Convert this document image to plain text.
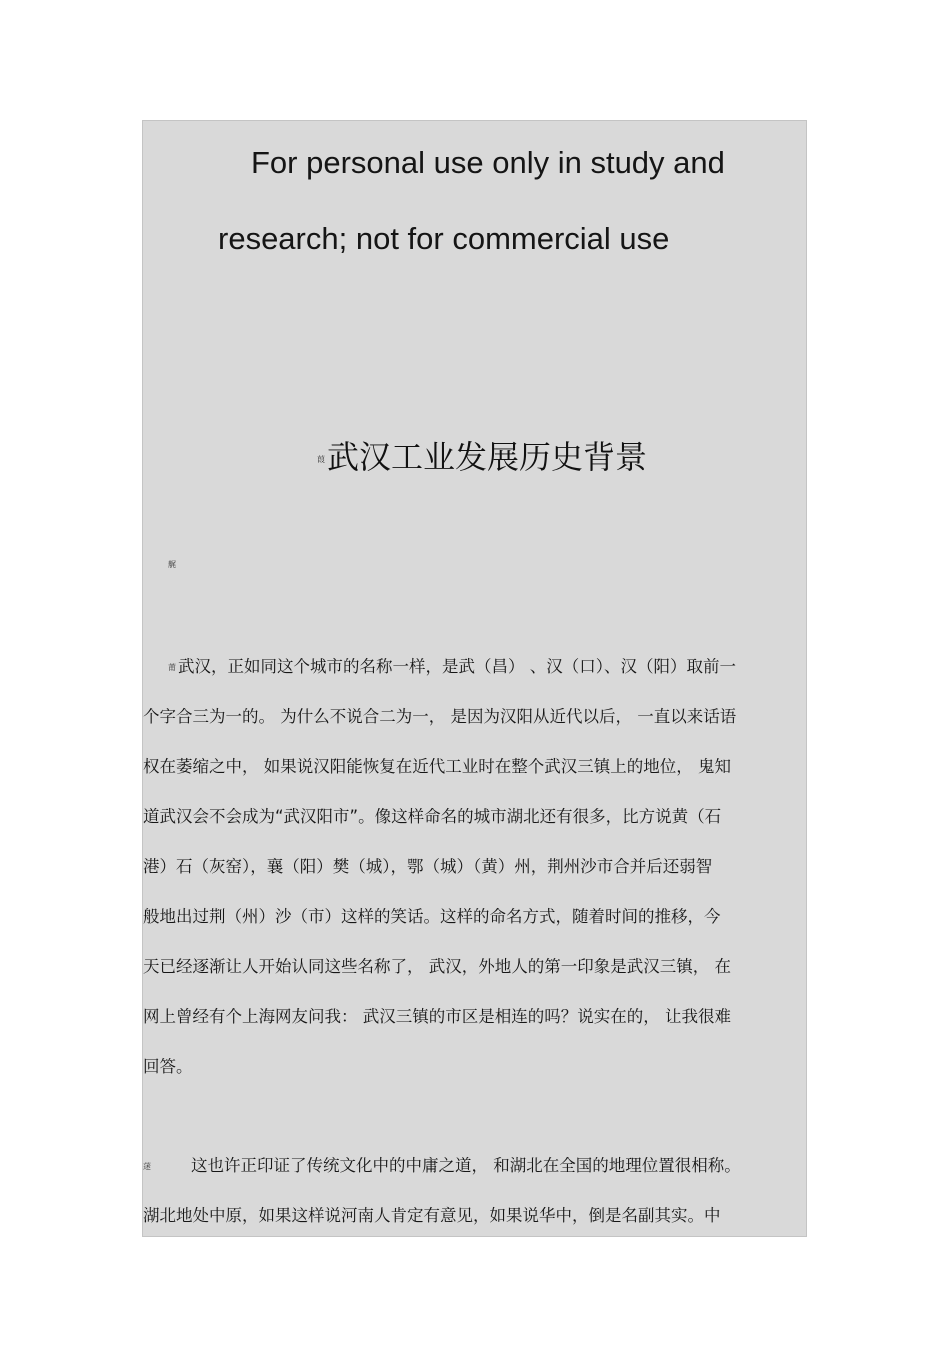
For personal use only in study and
research; not for commercial use
葭武汉工业发展历史背景
艉
莆 武汉，正如同这个城市的名称一样，是武（昌） 、汉（口）、汉（阳）取前一
个字合三为一的。 为什么不说合二为一， 是因为汉阳从近代以后， 一直以来话语
权在萎缩之中， 如果说汉阳能恢复在近代工业时在整个武汉三镇上的地位， 鬼知
道武汉会不会成为“武汉阳市”。像这样命名的城市湖北还有很多，比方说黄（石
港）石（灰窑），襄（阳）樊（城），鄂（城）（黄）州，荆州沙市合并后还弱智
般地出过荆（州）沙（市）这样的笑话。这样的命名方式，随着时间的推移，今
天已经逐渐让人开始认同这些名称了， 武汉，外地人的第一印象是武汉三镇， 在
网上曾经有个上海网友问我： 武汉三镇的市区是相连的吗？说实在的， 让我很难
回答。
蒁 这也许正印证了传统文化中的中庸之道， 和湖北在全国的地理位置很相称。
湖北地处中原，如果这样说河南人肯定有意见，如果说华中，倒是名副其实。中
